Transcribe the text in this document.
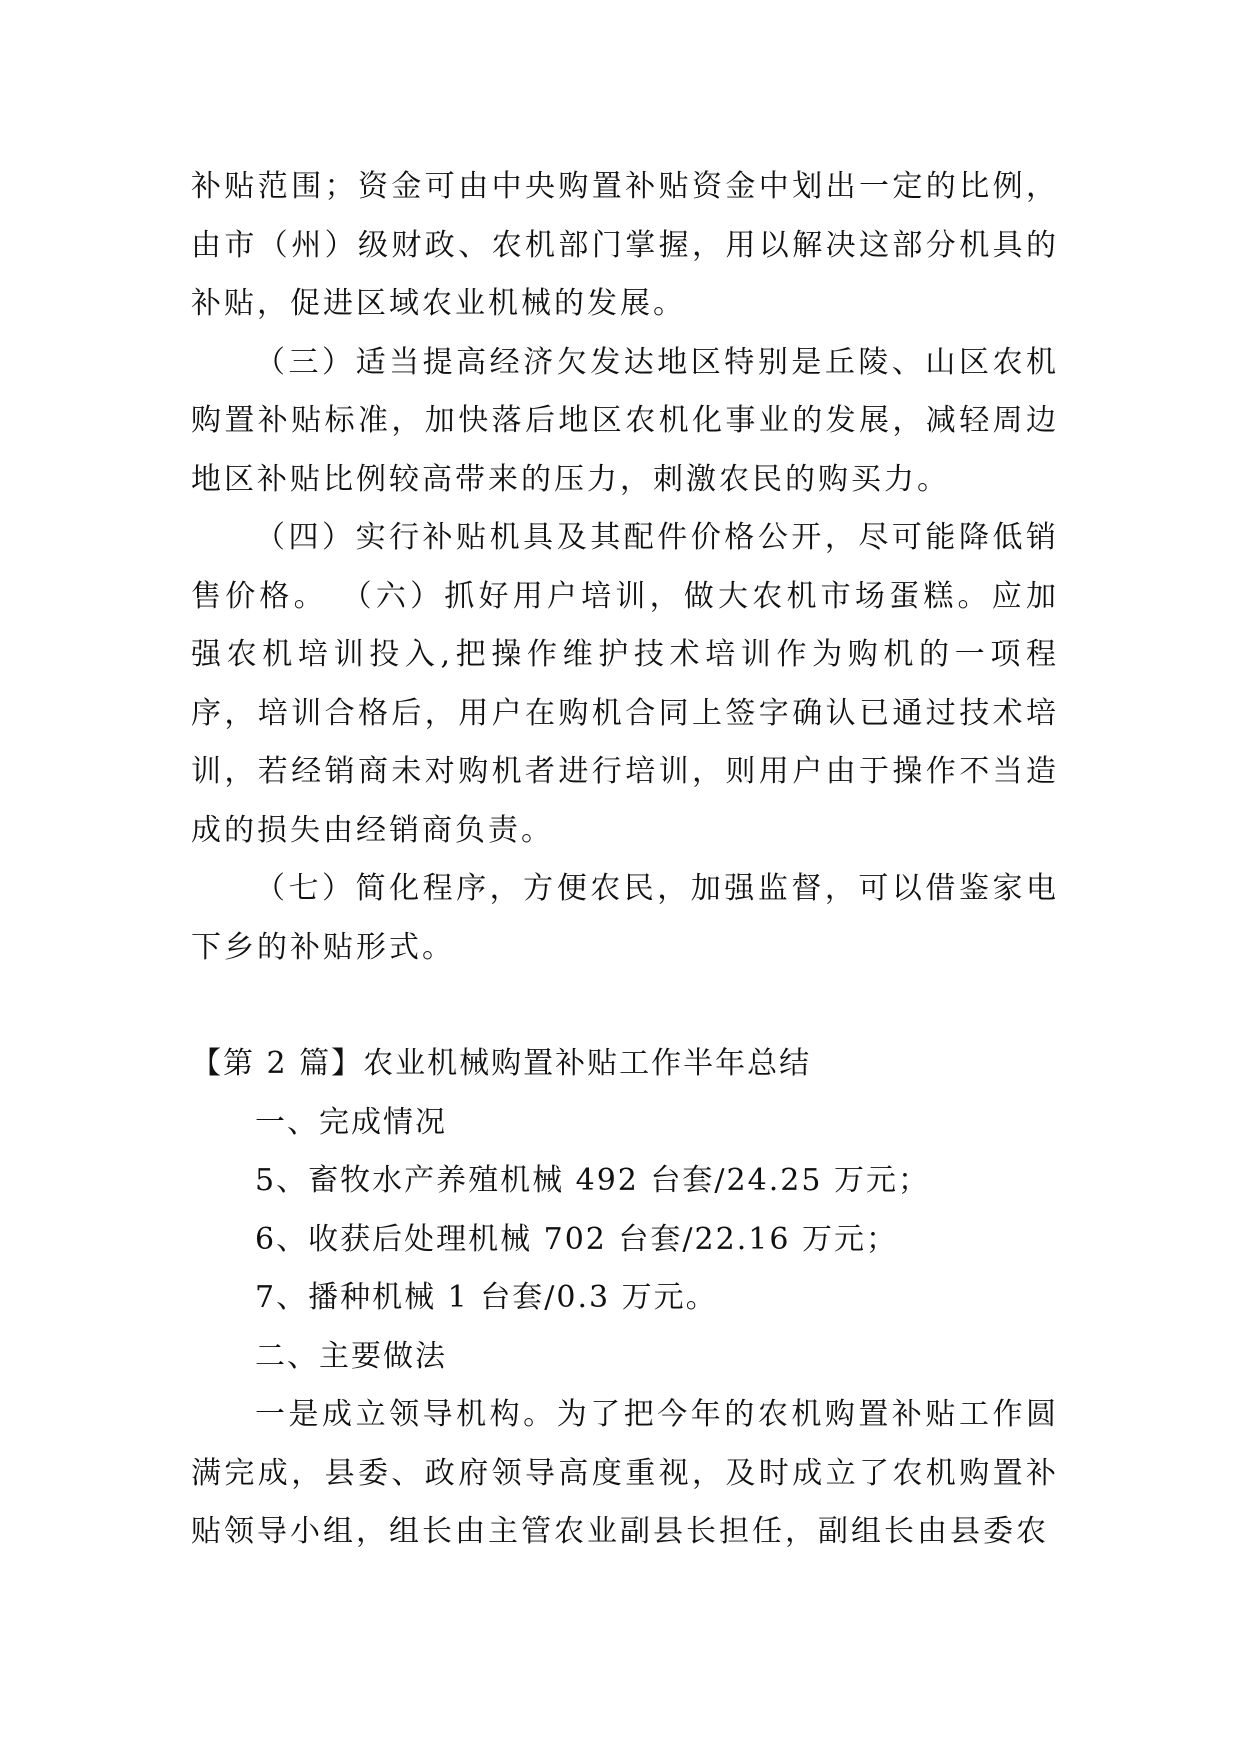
补贴范围；资金可由中央购置补贴资金中划出一定的比例，由市（州）级财政、农机部门掌握，用以解决这部分机具的补贴，促进区域农业机械的发展。

（三）适当提高经济欠发达地区特别是丘陵、山区农机购置补贴标准，加快落后地区农机化事业的发展，减轻周边地区补贴比例较高带来的压力，刺激农民的购买力。

（四）实行补贴机具及其配件价格公开，尽可能降低销售价格。 （六）抓好用户培训，做大农机市场蛋糕。应加强农机培训投入,把操作维护技术培训作为购机的一项程序，培训合格后，用户在购机合同上签字确认已通过技术培训，若经销商未对购机者进行培训，则用户由于操作不当造成的损失由经销商负责。

（七）简化程序，方便农民，加强监督，可以借鉴家电下乡的补贴形式。

【第 2 篇】农业机械购置补贴工作半年总结

一、完成情况

5、畜牧水产养殖机械 492 台套/24.25 万元；

6、收获后处理机械 702 台套/22.16 万元；

7、播种机械 1 台套/0.3 万元。

二、主要做法

一是成立领导机构。为了把今年的农机购置补贴工作圆满完成，县委、政府领导高度重视，及时成立了农机购置补贴领导小组，组长由主管农业副县长担任，副组长由县委农
